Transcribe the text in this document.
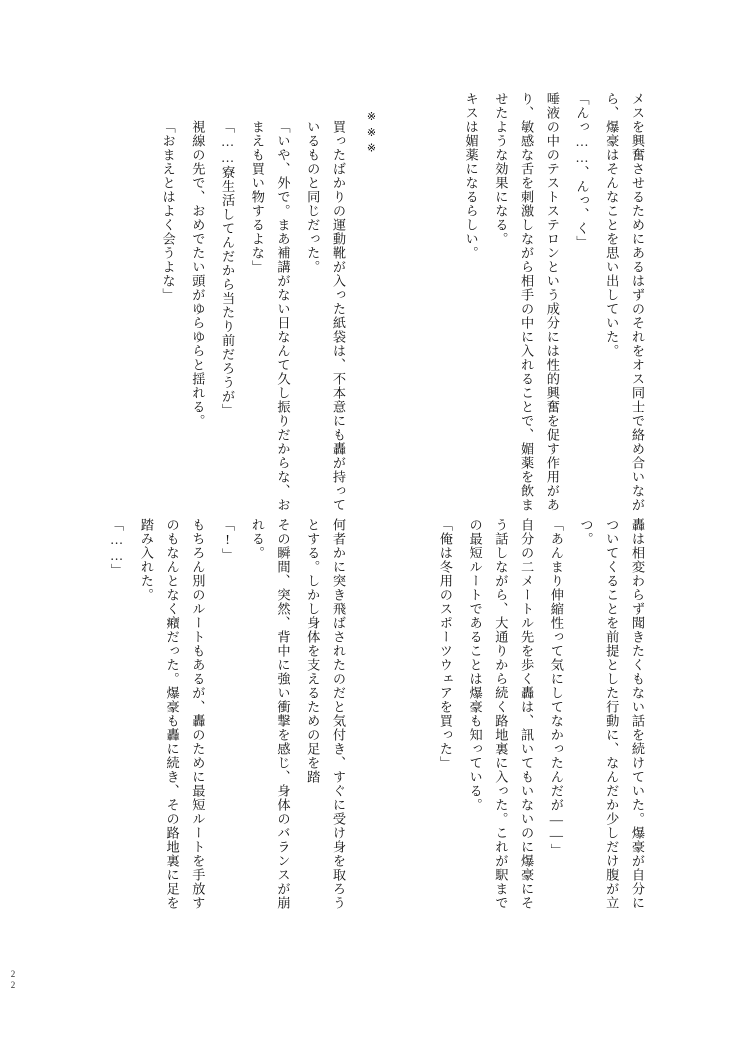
キスは媚薬になるらしい。	唾液の中のテストステロンという成分には性的興奮を促す作用があり、敏感な舌を刺激しながら相手の中に入れることで、媚薬を飲ませたような効果になる。	「んっ……、んっ、く」	メスを興奮させるためにあるはずのそれをオス同士で絡め合いながら、爆豪はそんなことを思い出していた。
※※※
「おまえとはよく会うよな」 視線の先で、おめでたい頭がゆらゆらと揺れる。 「……寮生活してんだから当たり前だろうが」	「いや、外で。まあ補講がない日なんて久し振りだからな、おまえも買い物するよな」	買ったばかりの運動靴が入った紙袋は、不本意にも轟が持っているものと同じだった。
「俺は冬用のスポーツウェアを買った」	自分の二メートル先を歩く轟は、訊いてもいないのに爆豪にそう話しながら、大通りから続く路地裏に入った。これが駅までの最短ルートであることは爆豪も知っている。	「あんまり伸縮性って気にしてなかったんだが——」	轟は相変わらず聞きたくもない話を続けていた。爆豪が自分についてくることを前提とした行動に、なんだか少しだけ腹が立つ。
「……」	もちろん別のルートもあるが、轟のために最短ルートを手放すのもなんとなく癪だった。爆豪も轟に続き、その路地裏に足を踏み入れた。	「!」	その瞬間、突然、背中に強い衝撃を感じ、身体のバランスが崩れる。	何者かに突き飛ばされたのだと気付き、すぐに受け身を取ろうとする。しかし身体を支えるための足を踏
22
